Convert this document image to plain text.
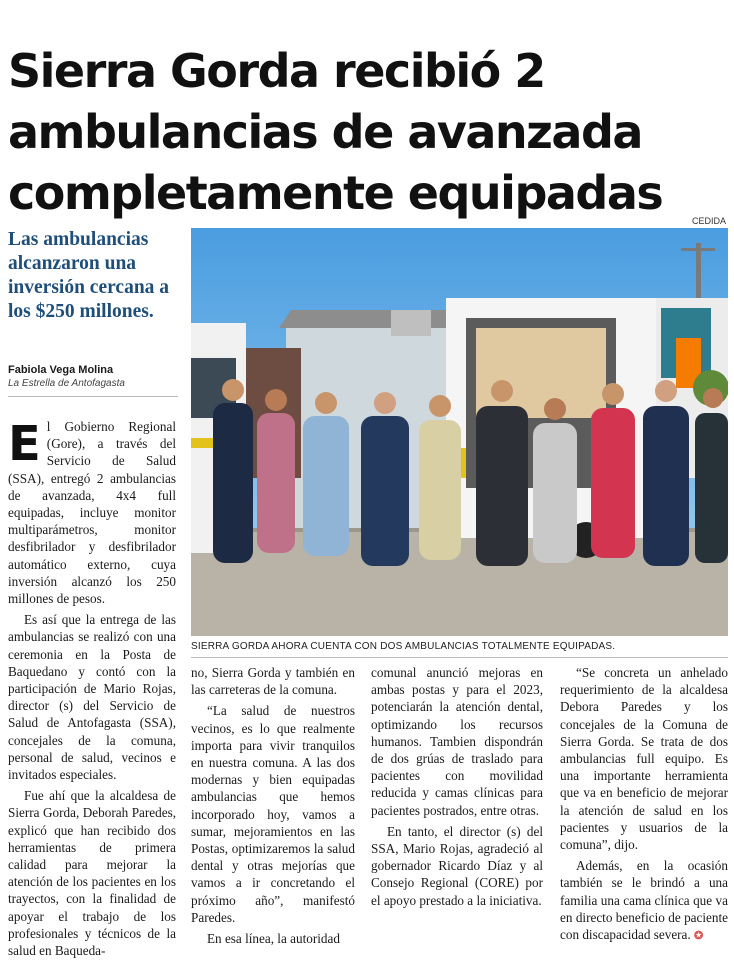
Sierra Gorda recibió 2 ambulancias de avanzada completamente equipadas
CEDIDA
Las ambulancias alcanzaron una inversión cercana a los $250 millones.
Fabiola Vega Molina
La Estrella de Antofagasta
SIERRA GORDA AHORA CUENTA CON DOS AMBULANCIAS TOTALMENTE EQUIPADAS.

El Gobierno Regional (Gore), a través del Servicio de Salud (SSA), entregó 2 ambulancias de avanzada, 4x4 full equipadas, incluye monitor multiparámetros, monitor desfibrilador y desfibrilador automático externo, cuya inversión alcanzó los 250 millones de pesos.

Es así que la entrega de las ambulancias se realizó con una ceremonia en la Posta de Baquedano y contó con la participación de Mario Rojas, director (s) del Servicio de Salud de Antofagasta (SSA), concejales de la comuna, personal de salud, vecinos e invitados especiales.

Fue ahí que la alcaldesa de Sierra Gorda, Deborah Paredes, explicó que han recibido dos herramientas de primera calidad para mejorar la atención de los pacientes en los trayectos, con la finalidad de apoyar el trabajo de los profesionales y técnicos de la salud en Baqueda-

no, Sierra Gorda y también en las carreteras de la comuna.

“La salud de nuestros vecinos, es lo que realmente importa para vivir tranquilos en nuestra comuna. A las dos modernas y bien equipadas ambulancias que hemos incorporado hoy, vamos a sumar, mejoramientos en las Postas, optimizaremos la salud dental y otras mejorías que vamos a ir concretando el próximo año”, manifestó Paredes.

En esa línea, la autoridad

comunal anunció mejoras en ambas postas y para el 2023, potenciarán la atención dental, optimizando los recursos humanos. Tambien dispondrán de dos grúas de traslado para pacientes con movilidad reducida y camas clínicas para pacientes postrados, entre otras.

En tanto, el director (s) del SSA, Mario Rojas, agradeció al gobernador Ricardo Díaz y al Consejo Regional (CORE) por el apoyo prestado a la iniciativa.

“Se concreta un anhelado requerimiento de la alcaldesa Debora Paredes y los concejales de la Comuna de Sierra Gorda. Se trata de dos ambulancias full equipo. Es una importante herramienta que va en beneficio de mejorar la atención de salud en los pacientes y usuarios de la comuna”, dijo.

Además, en la ocasión también se le brindó a una familia una cama clínica que va en directo beneficio de paciente con discapacidad severa. ✪
